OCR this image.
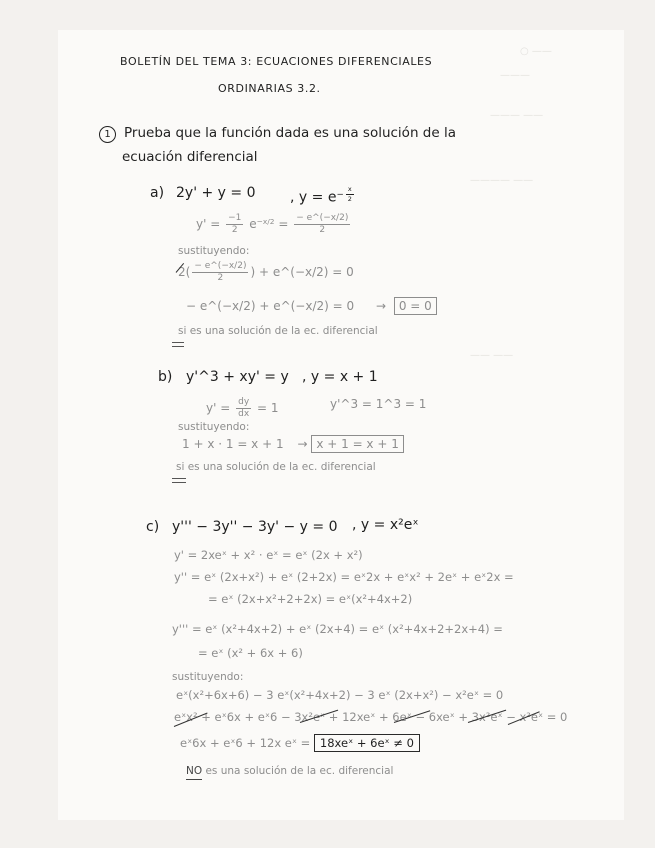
○ ——
———
——— ——
———— ——
—— ——
BOLETÍN DEL TEMA 3: ECUACIONES DIFERENCIALES
ORDINARIAS 3.2.
1 Prueba que la función dada es una solución de la
ecuación diferencial
a) 2y' + y = 0 , $y = e^{- \frac{x}{2}}$
$y' = \frac{-1}{2} e^{-x/2} = \frac{- e\^{}(-x/2)}{2}$
sustituyendo:
2
( $\frac{- e\^{}(-x/2)}{2}$ ) + e^(−x/2) = 0
− e^(−x/2) + e^(−x/2) = 0 → 0 = 0
si es una solución de la ec. diferencial
b) y'^3 + xy' = y , y = x + 1
$y' = \frac{dy}{dx} = 1$	y'^3 = 1^3 = 1
sustituyendo:
1 + x · 1 = x + 1 → x + 1 = x + 1
si es una solución de la ec. diferencial
c) y''' − 3y'' − 3y' − y = 0 , y = x²eˣ
y' = 2xeˣ + x² · eˣ = eˣ (2x + x²)
y'' = eˣ (2x+x²) + eˣ (2+2x) = eˣ2x + eˣx² + 2eˣ + eˣ2x =
= eˣ (2x+x²+2+2x) = eˣ(x²+4x+2)
y''' = eˣ (x²+4x+2) + eˣ (2x+4) = eˣ (x²+4x+2+2x+4) =
= eˣ (x² + 6x + 6)
sustituyendo:
eˣ(x²+6x+6) − 3 eˣ(x²+4x+2) − 3 eˣ (2x+x²) − x²eˣ = 0
eˣx² + eˣ6x + eˣ6 − 3x²eˣ + 12xeˣ + 6eˣ − 6xeˣ + 3x²eˣ − x²eˣ = 0
eˣ6x + eˣ6 + 12x eˣ = 18xeˣ + 6eˣ ≠ 0
NO es una solución de la ec. diferencial
